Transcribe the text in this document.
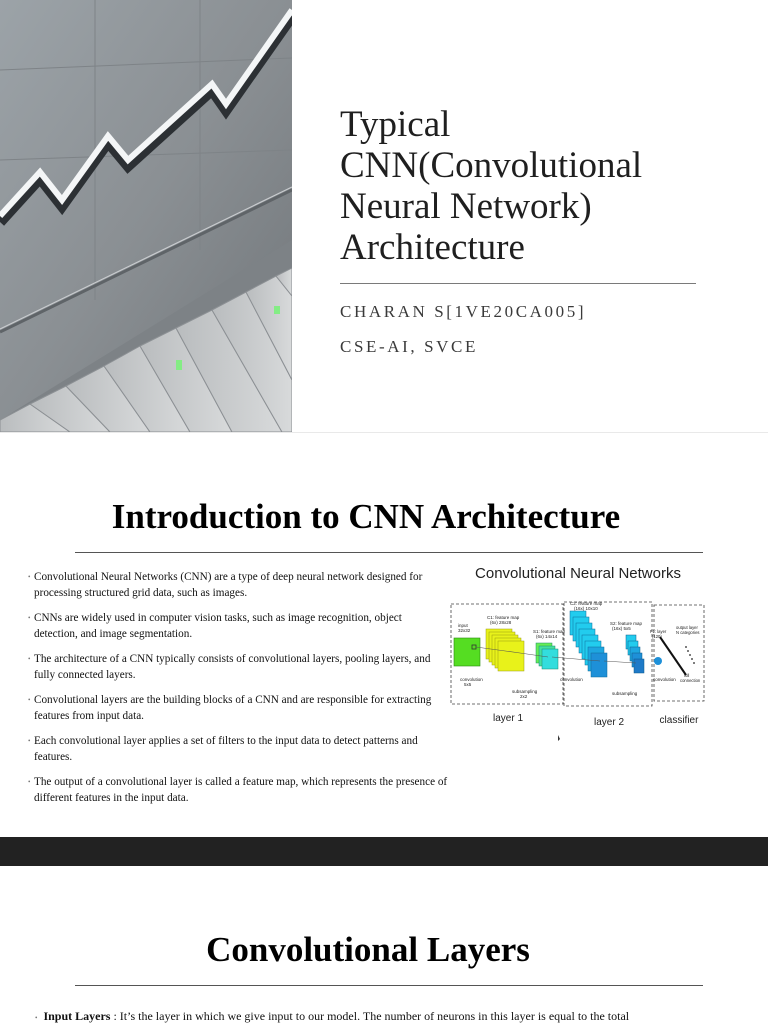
Typical
CNN(Convolutional
Neural Network)
Architecture

CHARAN S[1VE20CA005]

CSE-AI, SVCE

Introduction to CNN Architecture
• Convolutional Neural Networks (CNN) are a type of deep neural network designed for processing structured grid data, such as images.
• CNNs are widely used in computer vision tasks, such as image recognition, object detection, and image segmentation.
• The architecture of a CNN typically consists of convolutional layers, pooling layers, and fully connected layers.
• Convolutional layers are the building blocks of a CNN and are responsible for extracting features from input data.
• Each convolutional layer applies a set of filters to the input data to detect patterns and features.
• The output of a convolutional layer is called a feature map, which represents the presence of different features in the input data.
Convolutional Neural Networks
input
32x32
C1: feature map
(6x) 28x28
S1: feature map
(6x) 14x14
C2: feature map
(16x) 10x10
S2: feature map
(16x) 5x5
F1: layer
(120)
output layer
N categories
convolution
5x5
subsampling
2x2
convolution
subsampling
convolution
full
connection
layer 1	layer 2	classifier
Convolutional Layers

• Input Layers : It’s the layer in which we give input to our model. The number of neurons in this layer is equal to the total
